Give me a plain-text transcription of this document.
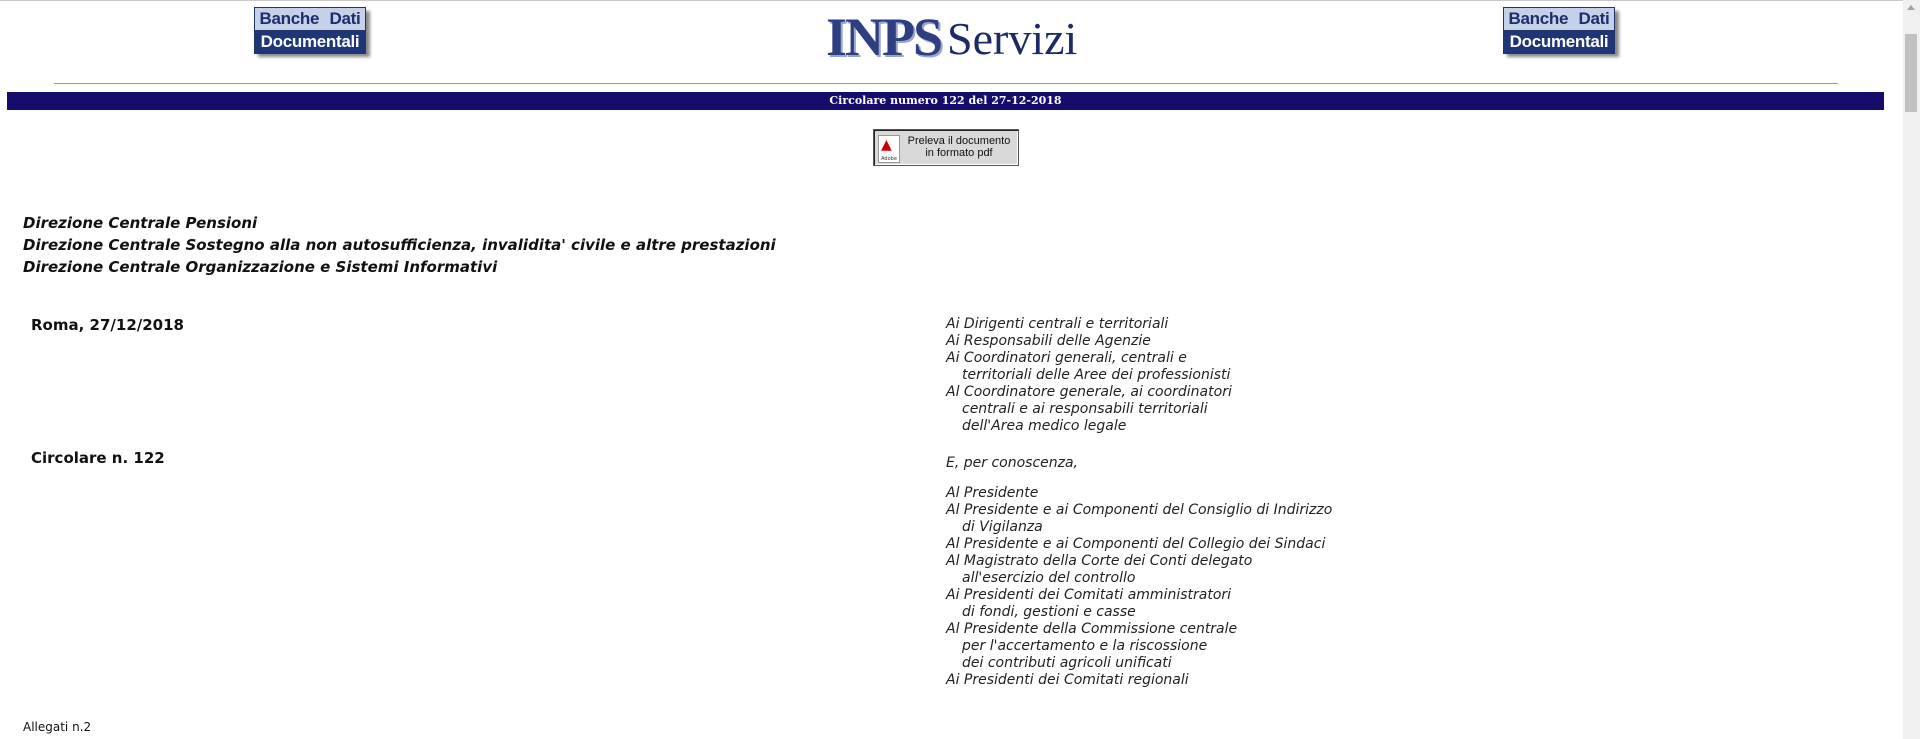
Banche Dati
Documentali	INPS Servizi	Banche Dati
Documentali
Circolare numero 122 del 27-12-2018
▲
Adobe
Preleva il documento
in formato pdf
Direzione Centrale Pensioni
Direzione Centrale Sostegno alla non autosufficienza, invalidita' civile e altre prestazioni
Direzione Centrale Organizzazione e Sistemi Informativi
Roma, 27/12/2018
Circolare n. 122
Ai Dirigenti centrali e territoriali
Ai Responsabili delle Agenzie
Ai Coordinatori generali, centrali e
territoriali delle Aree dei professionisti
Al Coordinatore generale, ai coordinatori
centrali e ai responsabili territoriali
dell'Area medico legale
E, per conoscenza,
Al Presidente
Al Presidente e ai Componenti del Consiglio di Indirizzo
di Vigilanza
Al Presidente e ai Componenti del Collegio dei Sindaci
Al Magistrato della Corte dei Conti delegato
all'esercizio del controllo
Ai Presidenti dei Comitati amministratori
di fondi, gestioni e casse
Al Presidente della Commissione centrale
per l'accertamento e la riscossione
dei contributi agricoli unificati
Ai Presidenti dei Comitati regionali
Allegati n.2
